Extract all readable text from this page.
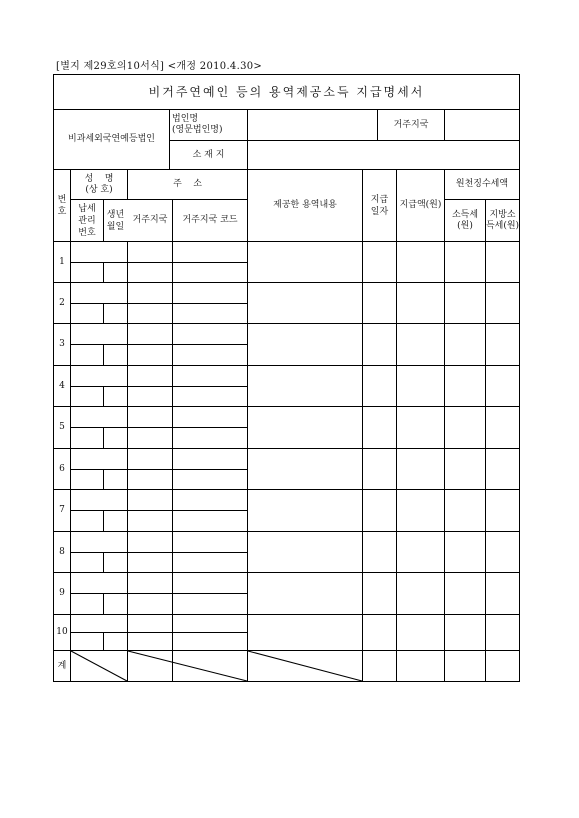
[별지 제29호의10서식] <개정 2010.4.30>
비거주연예인 등의 용역제공소득 지급명세서
비과세외국연예등법인
법인명
(영문법인명)
거주지국
소 재 지
번호
성    명
(상 호)
납세관리번호
생년월일
주    소
거주지국	거주지국 코드
제공한 용역내용
지급일자
지급액(원)
원천징수세액
소득세
(원)
지방소
득세(원)
1
2
3
4
5
6
7
8
9
10
계
